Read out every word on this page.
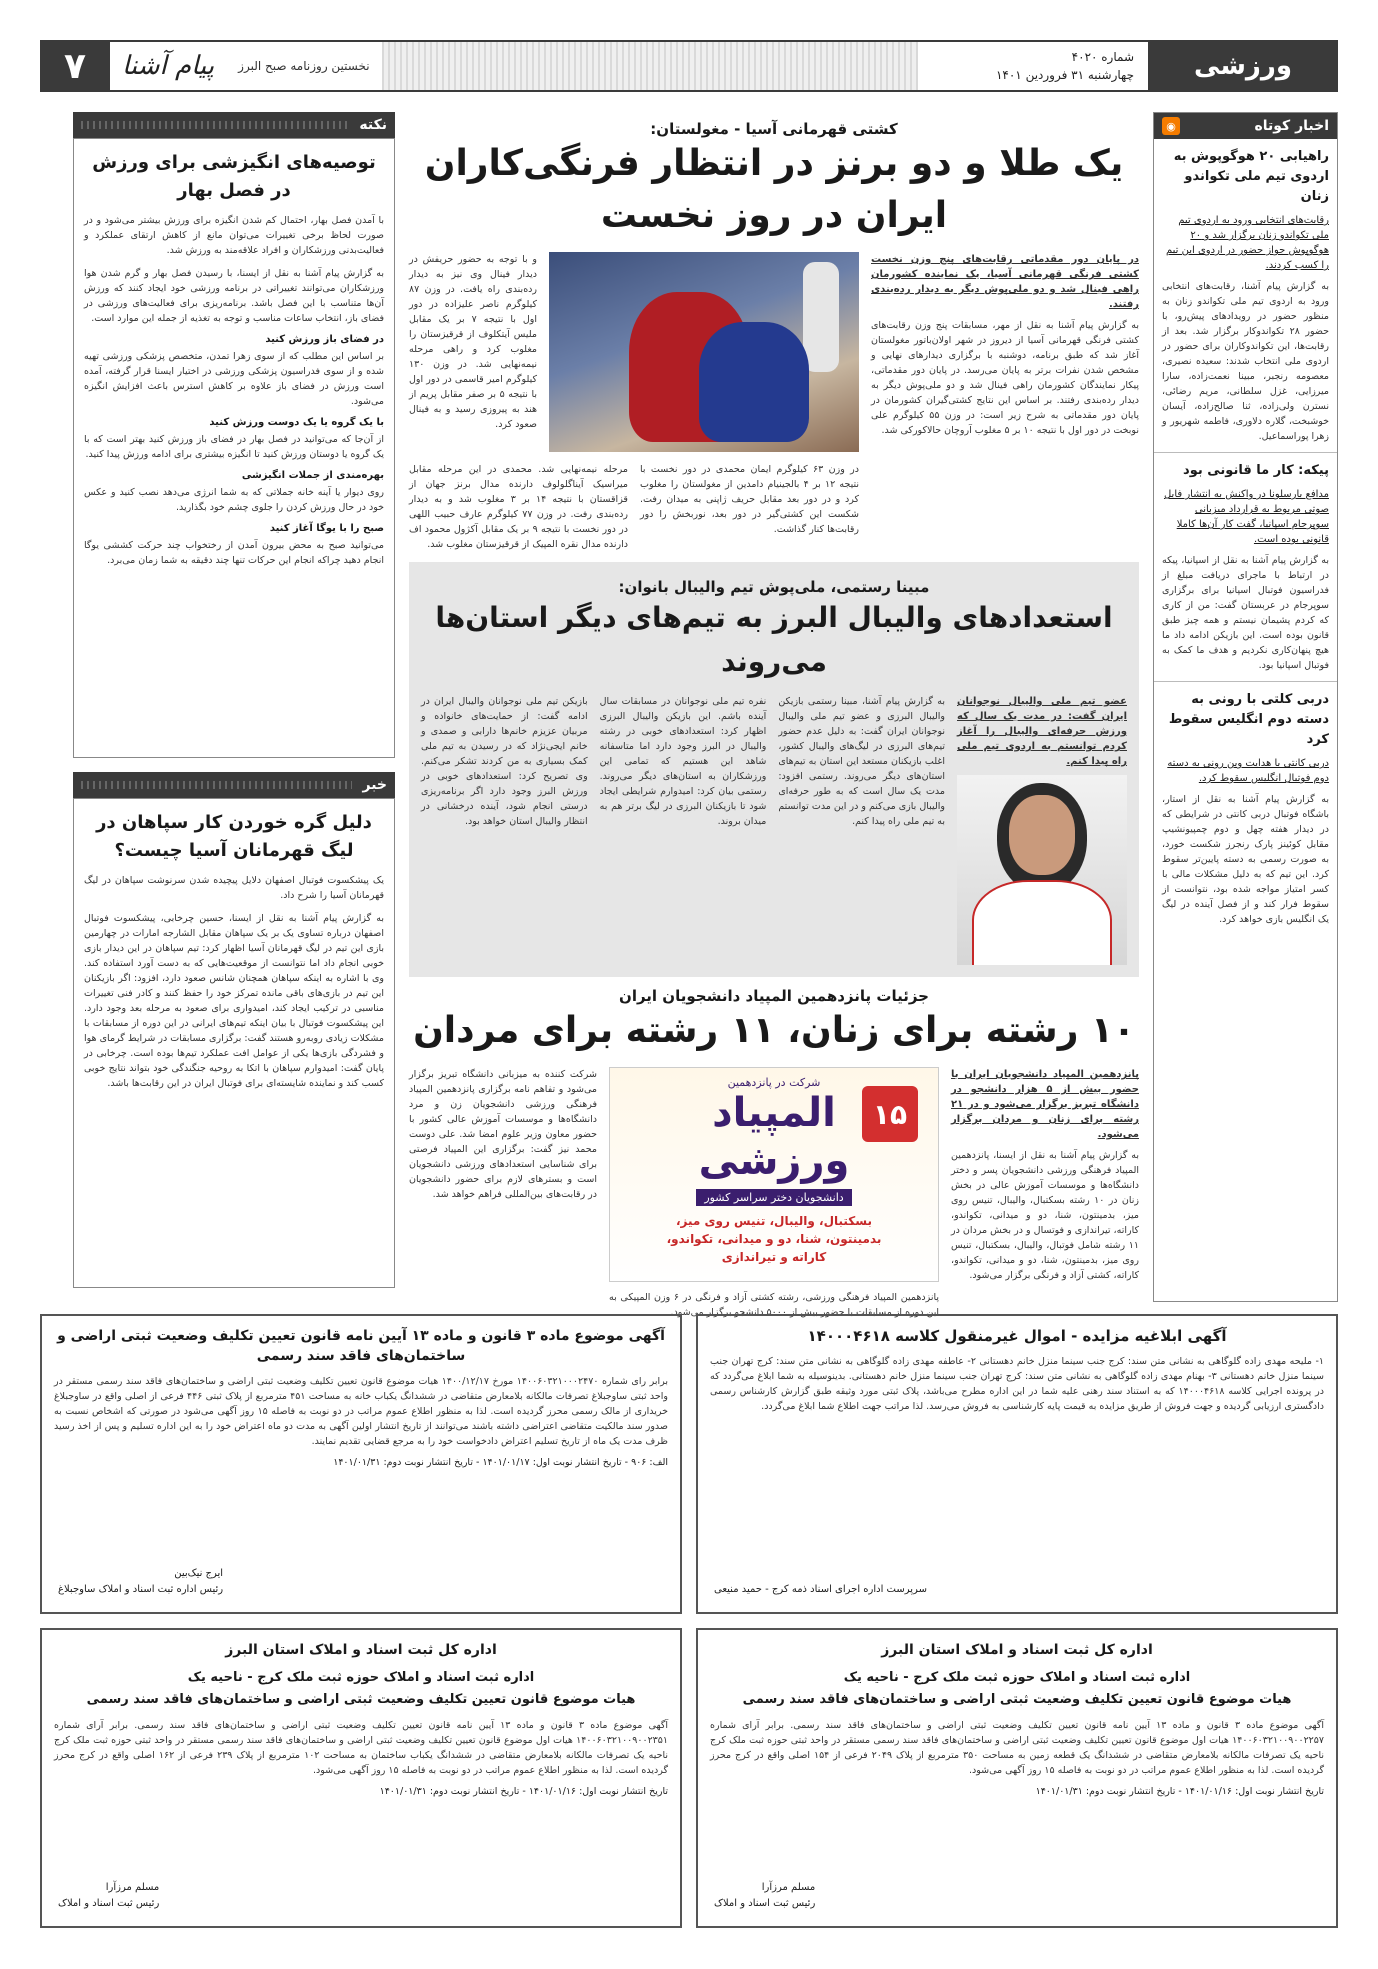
ورزشی
شماره ۴۰۲۰
چهارشنبه ۳۱ فروردین ۱۴۰۱
نخستین روزنامه صبح البرز
پیام آشنا
۷
اخبار کوتاه
◉
راهیابی ۲۰ هوگوپوش به اردوی تیم ملی تکواندو زنان
رقابت‌های انتخابی ورود به اردوی تیم ملی تکواندو زنان برگزار شد و ۲۰ هوگوپوش جواز حضور در اردوی این تیم را کسب کردند.

به گزارش پیام آشنا، رقابت‌های انتخابی ورود به اردوی تیم ملی تکواندو زنان به منظور حضور در رویدادهای پیش‌رو، با حضور ۲۸ تکواندوکار برگزار شد. بعد از رقابت‌ها، این تکواندوکاران برای حضور در اردوی ملی انتخاب شدند: سعیده نصیری، معصومه رنجبر، مبینا نعمت‌زاده، سارا میرزایی، غزل سلطانی، مریم رضائی، نسترن ولی‌زاده، ثنا صالح‌زاده، آیسان خوشبخت، گلاره دلاوری، فاطمه شهریور و زهرا پوراسماعیل.

پیکه: کار ما قانونی بود
مدافع بارسلونا در واکنش به انتشار فایل صوتی مربوط به قرارداد میزبانی سوپرجام اسپانیا، گفت کار آن‌ها کاملا قانونی بوده است.

به گزارش پیام آشنا به نقل از اسپانیا، پیکه در ارتباط با ماجرای دریافت مبلغ از فدراسیون فوتبال اسپانیا برای برگزاری سوپرجام در عربستان گفت: من از کاری که کردم پشیمان نیستم و همه چیز طبق قانون بوده است. این بازیکن ادامه داد ما هیچ پنهان‌کاری نکردیم و هدف ما کمک به فوتبال اسپانیا بود.

دربی کلتی با رونی به دسته دوم انگلیس سقوط کرد
دربی کانتی با هدایت وین رونی به دسته دوم فوتبال انگلیس سقوط کرد.

به گزارش پیام آشنا به نقل از استار، باشگاه فوتبال دربی کانتی در شرایطی که در دیدار هفته چهل و دوم چمپیونشیپ مقابل کوئینز پارک رنجرز شکست خورد، به صورت رسمی به دسته پایین‌تر سقوط کرد. این تیم که به دلیل مشکلات مالی با کسر امتیاز مواجه شده بود، نتوانست از سقوط فرار کند و از فصل آینده در لیگ یک انگلیس بازی خواهد کرد.

کشتی قهرمانی آسیا - مغولستان:
یک طلا و دو برنز در انتظار فرنگی‌کاران ایران در روز نخست
در پایان دور مقدماتی رقابت‌های پنج وزن نخست کشتی فرنگی قهرمانی آسیا، یک نماینده کشورمان راهی فینال شد و دو ملی‌پوش دیگر به دیدار رده‌بندی رفتند.
به گزارش پیام آشنا به نقل از مهر، مسابقات پنج وزن رقابت‌های کشتی فرنگی قهرمانی آسیا از دیروز در شهر اولان‌باتور مغولستان آغاز شد که طبق برنامه، دوشنبه با برگزاری دیدارهای نهایی و مشخص شدن نفرات برتر به پایان می‌رسد. در پایان دور مقدماتی، پیکار نمایندگان کشورمان راهی فینال شد و دو ملی‌پوش دیگر به دیدار رده‌بندی رفتند. بر اساس این نتایج کشتی‌گیران کشورمان در پایان دور مقدماتی به شرح زیر است: در وزن ۵۵ کیلوگرم علی نوبخت در دور اول با نتیجه ۱۰ بر ۵ مغلوب آروچان حالاکورکی شد.
و با توجه به حضور حریفش در دیدار فینال وی نیز به دیدار رده‌بندی راه یافت. در وزن ۸۷ کیلوگرم ناصر علیزاده در دور اول با نتیجه ۷ بر یک مقابل ملیس آیتکلوف از قرقیزستان را مغلوب کرد و راهی مرحله نیمه‌نهایی شد. در وزن ۱۳۰ کیلوگرم امیر قاسمی در دور اول با نتیجه ۵ بر صفر مقابل پریم از هند به پیروزی رسید و به فینال صعود کرد.
در وزن ۶۳ کیلوگرم ایمان محمدی در دور نخست با نتیجه ۱۲ بر ۴ بالجینیام دامدین از مغولستان را مغلوب کرد و در دور بعد مقابل حریف ژاپنی به میدان رفت. شکست این کشتی‌گیر در دور بعد، نوربخش را دور رقابت‌ها کنار گذاشت.
مرحله نیمه‌نهایی شد. محمدی در این مرحله مقابل میراسیک آیناگلولوف دارنده مدال برنز جهان از قزاقستان با نتیجه ۱۴ بر ۳ مغلوب شد و به دیدار رده‌بندی رفت. در وزن ۷۷ کیلوگرم عارف حبیب اللهی در دور نخست با نتیجه ۹ بر یک مقابل آکژول محمود اف دارنده مدال نقره المپیک از قرقیزستان مغلوب شد.
مبینا رستمی، ملی‌پوش تیم والیبال بانوان:
استعدادهای والیبال البرز به تیم‌های دیگر استان‌ها می‌روند
عضو تیم ملی والیبال نوجوانان ایران گفت: در مدت یک سال که ورزش حرفه‌ای والیبال را آغاز کردم توانستم به اردوی تیم ملی راه پیدا کنم.
به گزارش پیام آشنا، مبینا رستمی بازیکن والیبال البرزی و عضو تیم ملی والیبال نوجوانان ایران گفت: به دلیل عدم حضور تیم‌های البرزی در لیگ‌های والیبال کشور، اغلب بازیکنان مستعد این استان به تیم‌های استان‌های دیگر می‌روند. رستمی افزود: مدت یک سال است که به طور حرفه‌ای والیبال بازی می‌کنم و در این مدت توانستم به تیم ملی راه پیدا کنم.
نفره تیم ملی نوجوانان در مسابقات سال آینده باشم. این بازیکن والیبال البرزی اظهار کرد: استعدادهای خوبی در رشته والیبال در البرز وجود دارد اما متاسفانه شاهد این هستیم که تمامی این ورزشکاران به استان‌های دیگر می‌روند. رستمی بیان کرد: امیدوارم شرایطی ایجاد شود تا بازیکنان البرزی در لیگ برتر هم به میدان بروند.
بازیکن تیم ملی نوجوانان والیبال ایران در ادامه گفت: از حمایت‌های خانواده و مربیان عزیزم خانم‌ها دارابی و صمدی و خانم ایجی‌نژاد که در رسیدن به تیم ملی کمک بسیاری به من کردند تشکر می‌کنم. وی تصریح کرد: استعدادهای خوبی در ورزش البرز وجود دارد اگر برنامه‌ریزی درستی انجام شود، آینده درخشانی در انتظار والیبال استان خواهد بود.
جزئیات پانزدهمین المپیاد دانشجویان ایران
۱۰ رشته برای زنان، ۱۱ رشته برای مردان
پانزدهمین المپیاد دانشجویان ایران با حضور بیش از ۵ هزار دانشجو در دانشگاه تبریز برگزار می‌شود و در ۲۱ رشته برای زنان و مردان برگزار می‌شود.
به گزارش پیام آشنا به نقل از ایسنا، پانزدهمین المپیاد فرهنگی ورزشی دانشجویان پسر و دختر دانشگاه‌ها و موسسات آموزش عالی در بخش زنان در ۱۰ رشته بسکتبال، والیبال، تنیس روی میز، بدمینتون، شنا، دو و میدانی، تکواندو، کاراته، تیراندازی و فوتسال و در بخش مردان در ۱۱ رشته شامل فوتبال، والیبال، بسکتبال، تنیس روی میز، بدمینتون، شنا، دو و میدانی، تکواندو، کاراته، کشتی آزاد و فرنگی برگزار می‌شود.
۱۵
شرکت در پانزدهمین
المپیاد
ورزشی
دانشجویان دختر سراسر کشور
بسکتبال، والیبال، تنیس روی میز،
بدمینتون، شنا، دو و میدانی، تکواندو،
کاراته و تیراندازی
پانزدهمین المپیاد فرهنگی ورزشی، رشته کشتی آزاد و فرنگی در ۶ وزن المپیکی به این دوره از مسابقات با حضور بیش از ۵۰۰۰ دانشجو برگزار می‌شود.
شرکت کننده به میزبانی دانشگاه تبریز برگزار می‌شود و تفاهم نامه برگزاری پانزدهمین المپیاد فرهنگی ورزشی دانشجویان زن و مرد دانشگاه‌ها و موسسات آموزش عالی کشور با حضور معاون وزیر علوم امضا شد. علی دوست محمد نیز گفت: برگزاری این المپیاد فرصتی برای شناسایی استعدادهای ورزشی دانشجویان است و بسترهای لازم برای حضور دانشجویان در رقابت‌های بین‌المللی فراهم خواهد شد.
نکته
توصیه‌های انگیزشی برای ورزش در فصل بهار

با آمدن فصل بهار، احتمال کم شدن انگیزه برای ورزش بیشتر می‌شود و در صورت لحاظ برخی تغییرات می‌توان مانع از کاهش ارتقای عملکرد و فعالیت‌بدنی ورزشکاران و افراد علاقه‌مند به ورزش شد.

به گزارش پیام آشنا به نقل از ایسنا، با رسیدن فصل بهار و گرم شدن هوا ورزشکاران می‌توانند تغییراتی در برنامه ورزشی خود ایجاد کنند که ورزش آن‌ها متناسب با این فصل باشد. برنامه‌ریزی برای فعالیت‌های ورزشی در فضای باز، انتخاب ساعات مناسب و توجه به تغذیه از جمله این موارد است.

در فضای باز ورزش کنید

بر اساس این مطلب که از سوی زهرا تمدن، متخصص پزشکی ورزشی تهیه شده و از سوی فدراسیون پزشکی ورزشی در اختیار ایسنا قرار گرفته، آمده است ورزش در فضای باز علاوه بر کاهش استرس باعث افزایش انگیزه می‌شود.

با یک گروه یا یک دوست ورزش کنید

از آن‌جا که می‌توانید در فصل بهار در فضای باز ورزش کنید بهتر است که با یک گروه یا دوستان ورزش کنید تا انگیزه بیشتری برای ادامه ورزش پیدا کنید.

بهره‌مندی از جملات انگیزشی

روی دیوار یا آینه خانه جملاتی که به شما انرژی می‌دهد نصب کنید و عکس خود در حال ورزش کردن را جلوی چشم خود بگذارید.

صبح را با یوگا آغاز کنید

می‌توانید صبح به محض بیرون آمدن از رختخواب چند حرکت کششی یوگا انجام دهید چراکه انجام این حرکات تنها چند دقیقه به شما زمان می‌برد.

خبر
دلیل گره خوردن کار سپاهان در لیگ قهرمانان آسیا چیست؟

یک پیشکسوت فوتبال اصفهان دلایل پیچیده شدن سرنوشت سپاهان در لیگ قهرمانان آسیا را شرح داد.

به گزارش پیام آشنا به نقل از ایسنا، حسین چرخابی، پیشکسوت فوتبال اصفهان درباره تساوی یک بر یک سپاهان مقابل الشارجه امارات در چهارمین بازی این تیم در لیگ قهرمانان آسیا اظهار کرد: تیم سپاهان در این دیدار بازی خوبی انجام داد اما نتوانست از موقعیت‌هایی که به دست آورد استفاده کند. وی با اشاره به اینکه سپاهان همچنان شانس صعود دارد، افزود: اگر بازیکنان این تیم در بازی‌های باقی مانده تمرکز خود را حفظ کنند و کادر فنی تغییرات مناسبی در ترکیب ایجاد کند، امیدواری برای صعود به مرحله بعد وجود دارد. این پیشکسوت فوتبال با بیان اینکه تیم‌های ایرانی در این دوره از مسابقات با مشکلات زیادی روبه‌رو هستند گفت: برگزاری مسابقات در شرایط گرمای هوا و فشردگی بازی‌ها یکی از عوامل افت عملکرد تیم‌ها بوده است. چرخابی در پایان گفت: امیدوارم سپاهان با اتکا به روحیه جنگندگی خود بتواند نتایج خوبی کسب کند و نماینده شایسته‌ای برای فوتبال ایران در این رقابت‌ها باشد.

آگهی ابلاغیه مزایده - اموال غیرمنقول کلاسه ۱۴۰۰۰۴۶۱۸

۱- ملیحه مهدی زاده گلوگاهی به نشانی متن سند: کرج جنب سینما منزل خانم دهستانی ۲- عاطفه مهدی زاده گلوگاهی به نشانی متن سند: کرج تهران جنب سینما منزل خانم دهستانی ۳- بهنام مهدی زاده گلوگاهی به نشانی متن سند: کرج تهران جنب سینما منزل خانم دهستانی. بدینوسیله به شما ابلاغ می‌گردد که در پرونده اجرایی کلاسه ۱۴۰۰۰۴۶۱۸ که به استناد سند رهنی علیه شما در این اداره مطرح می‌باشد، پلاک ثبتی مورد وثیقه طبق گزارش کارشناس رسمی دادگستری ارزیابی گردیده و جهت فروش از طریق مزایده به قیمت پایه کارشناسی به فروش می‌رسد. لذا مراتب جهت اطلاع شما ابلاغ می‌گردد.

سرپرست اداره اجرای اسناد ذمه کرج - حمید منیعی
آگهی موضوع ماده ۳ قانون و ماده ۱۳ آیین نامه قانون تعیین تکلیف وضعیت ثبتی اراضی و ساختمان‌های فاقد سند رسمی

برابر رای شماره ۱۴۰۰۶۰۳۲۱۰۰۰۲۴۷۰ مورخ ۱۴۰۰/۱۲/۱۷ هیات موضوع قانون تعیین تکلیف وضعیت ثبتی اراضی و ساختمان‌های فاقد سند رسمی مستقر در واحد ثبتی ساوجبلاغ تصرفات مالکانه بلامعارض متقاضی در ششدانگ یکباب خانه به مساحت ۴۵۱ مترمربع از پلاک ثبتی ۴۴۶ فرعی از اصلی واقع در ساوجبلاغ خریداری از مالک رسمی محرز گردیده است. لذا به منظور اطلاع عموم مراتب در دو نوبت به فاصله ۱۵ روز آگهی می‌شود در صورتی که اشخاص نسبت به صدور سند مالکیت متقاضی اعتراضی داشته باشند می‌توانند از تاریخ انتشار اولین آگهی به مدت دو ماه اعتراض خود را به این اداره تسلیم و پس از اخذ رسید ظرف مدت یک ماه از تاریخ تسلیم اعتراض دادخواست خود را به مرجع قضایی تقدیم نمایند.

الف: ۹۰۶ - تاریخ انتشار نوبت اول: ۱۴۰۱/۰۱/۱۷ - تاریخ انتشار نوبت دوم: ۱۴۰۱/۰۱/۳۱
ایرج نیک‌بین
رئیس اداره ثبت اسناد و املاک ساوجبلاغ
اداره کل ثبت اسناد و املاک استان البرز
اداره ثبت اسناد و املاک حوزه ثبت ملک کرج - ناحیه یک
هیات موضوع قانون تعیین تکلیف وضعیت ثبتی اراضی و ساختمان‌های فاقد سند رسمی

آگهی موضوع ماده ۳ قانون و ماده ۱۳ آیین نامه قانون تعیین تکلیف وضعیت ثبتی اراضی و ساختمان‌های فاقد سند رسمی. برابر آرای شماره ۱۴۰۰۶۰۳۲۱۰۰۹۰۰۲۲۵۷ هیات اول موضوع قانون تعیین تکلیف وضعیت ثبتی اراضی و ساختمان‌های فاقد سند رسمی مستقر در واحد ثبتی حوزه ثبت ملک کرج ناحیه یک تصرفات مالکانه بلامعارض متقاضی در ششدانگ یک قطعه زمین به مساحت ۳۵۰ مترمربع از پلاک ۲۰۴۹ فرعی از ۱۵۴ اصلی واقع در کرج محرز گردیده است. لذا به منظور اطلاع عموم مراتب در دو نوبت به فاصله ۱۵ روز آگهی می‌شود.

تاریخ انتشار نوبت اول: ۱۴۰۱/۰۱/۱۶ - تاریخ انتشار نوبت دوم: ۱۴۰۱/۰۱/۳۱
مسلم مرزآرا
رئیس ثبت اسناد و املاک
اداره کل ثبت اسناد و املاک استان البرز
اداره ثبت اسناد و املاک حوزه ثبت ملک کرج - ناحیه یک
هیات موضوع قانون تعیین تکلیف وضعیت ثبتی اراضی و ساختمان‌های فاقد سند رسمی

آگهی موضوع ماده ۳ قانون و ماده ۱۳ آیین نامه قانون تعیین تکلیف وضعیت ثبتی اراضی و ساختمان‌های فاقد سند رسمی. برابر آرای شماره ۱۴۰۰۶۰۳۲۱۰۰۹۰۰۲۳۵۱ هیات اول موضوع قانون تعیین تکلیف وضعیت ثبتی اراضی و ساختمان‌های فاقد سند رسمی مستقر در واحد ثبتی حوزه ثبت ملک کرج ناحیه یک تصرفات مالکانه بلامعارض متقاضی در ششدانگ یکباب ساختمان به مساحت ۱۰۲ مترمربع از پلاک ۲۳۹ فرعی از ۱۶۲ اصلی واقع در کرج محرز گردیده است. لذا به منظور اطلاع عموم مراتب در دو نوبت به فاصله ۱۵ روز آگهی می‌شود.

تاریخ انتشار نوبت اول: ۱۴۰۱/۰۱/۱۶ - تاریخ انتشار نوبت دوم: ۱۴۰۱/۰۱/۳۱
مسلم مرزآرا
رئیس ثبت اسناد و املاک
